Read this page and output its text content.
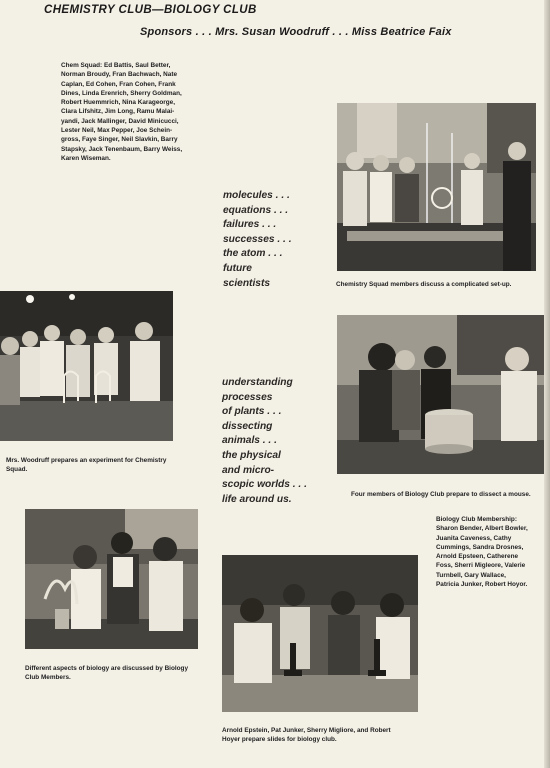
CHEMISTRY CLUB—BIOLOGY CLUB
Sponsors . . . Mrs. Susan Woodruff . . . Miss Beatrice Faix
Chem Squad: Ed Battis, Saul Better,
Norman Broudy, Fran Bachwach, Nate
Caplan, Ed Cohen, Fran Cohen, Frank
Dines, Linda Erenrich, Sherry Goldman,
Robert Huemmrich, Nina Karageorge,
Clara Lifshitz, Jim Long, Ramu Malai-
yandi, Jack Mallinger, David Minicucci,
Lester Neil, Max Pepper, Joe Schein-
gross, Faye Singer, Neil Slavkin, Barry
Stapsky, Jack Tenenbaum, Barry Weiss,
Karen Wiseman.
molecules . . .
equations . . .
failures . . .
successes . . .
the atom . . .
future
scientists	Chemistry Squad members discuss a complicated set-up.
Mrs. Woodruff prepares an experiment for Chemistry
Squad.
understanding
processes
of plants . . .
dissecting
animals . . .
the physical
and micro-
scopic worlds . . .
life around us.	Four members of Biology Club prepare to dissect a mouse.
Biology Club Membership:
Sharon Bender, Albert Bowler,
Juanita Caveness, Cathy
Cummings, Sandra Drosnes,
Arnold Epsteen, Catherene
Foss, Sherri Migleore, Valerie
Turnbell, Gary Wallace,
Patricia Junker, Robert Hoyor.
Different aspects of biology are discussed by Biology
Club Members.
Arnold Epstein, Pat Junker, Sherry Migliore, and Robert
Hoyer prepare slides for biology club.
